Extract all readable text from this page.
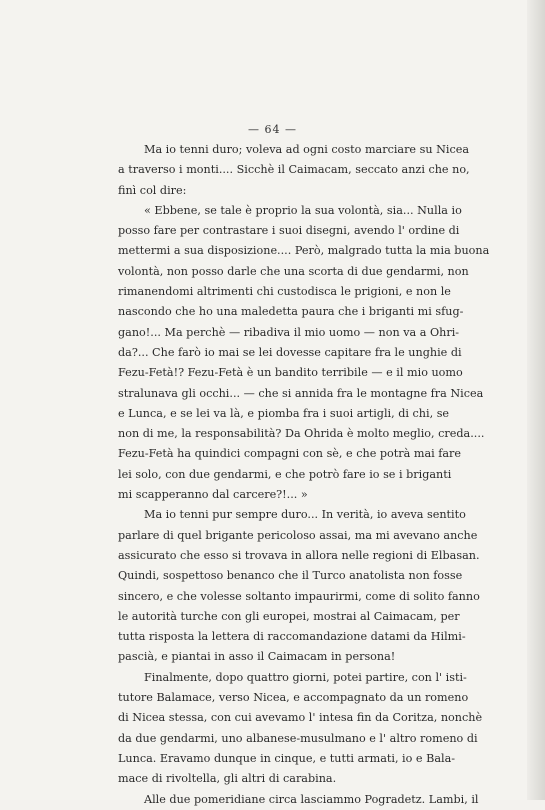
— 64 —

Ma io tenni duro; voleva ad ogni costo marciare su Nicea
a traverso i monti.... Sicchè il Caimacam, seccato anzi che no,
finì col dire:

« Ebbene, se tale è proprio la sua volontà, sia... Nulla io
posso fare per contrastare i suoi disegni, avendo l' ordine di
mettermi a sua disposizione.... Però, malgrado tutta la mia buona
volontà, non posso darle che una scorta di due gendarmi, non
rimanendomi altrimenti chi custodisca le prigioni, e non le
nascondo che ho una maledetta paura che i briganti mi sfug-
gano!... Ma perchè — ribadiva il mio uomo — non va a Ohri-
da?... Che farò io mai se lei dovesse capitare fra le unghie di
Fezu-Fetà!? Fezu-Fetà è un bandito terribile — e il mio uomo
stralunava gli occhi... — che si annida fra le montagne fra Nicea
e Lunca, e se lei va là, e piomba fra i suoi artigli, di chi, se
non di me, la responsabilità? Da Ohrida è molto meglio, creda....
Fezu-Fetà ha quindici compagni con sè, e che potrà mai fare
lei solo, con due gendarmi, e che potrò fare io se i briganti
mi scapperanno dal carcere?!... »

Ma io tenni pur sempre duro... In verità, io aveva sentito
parlare di quel brigante pericoloso assai, ma mi avevano anche
assicurato che esso si trovava in allora nelle regioni di Elbasan.
Quindi, sospettoso benanco che il Turco anatolista non fosse
sincero, e che volesse soltanto impaurirmi, come di solito fanno
le autorità turche con gli europei, mostrai al Caimacam, per
tutta risposta la lettera di raccomandazione datami da Hilmi-
pascià, e piantai in asso il Caimacam in persona!

Finalmente, dopo quattro giorni, potei partire, con l' isti-
tutore Balamace, verso Nicea, e accompagnato da un romeno
di Nicea stessa, con cui avevamo l' intesa fin da Coritza, nonchè
da due gendarmi, uno albanese-musulmano e l' altro romeno di
Lunca. Eravamo dunque in cinque, e tutti armati, io e Bala-
mace di rivoltella, gli altri di carabina.

Alle due pomeridiane circa lasciammo Pogradetz. Lambi, il
